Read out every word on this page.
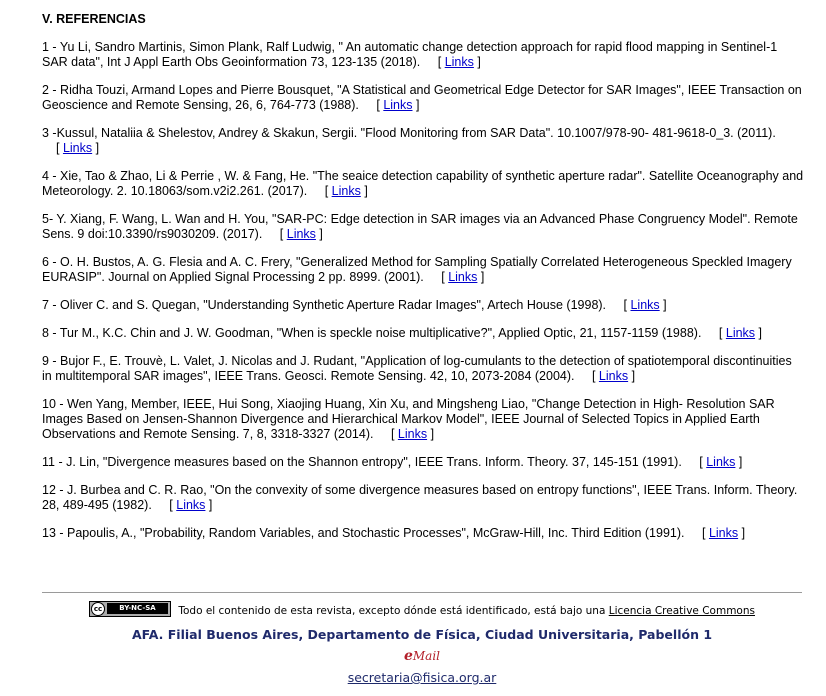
V. REFERENCIAS
1 - Yu Li, Sandro Martinis, Simon Plank, Ralf Ludwig, " An automatic change detection approach for rapid flood mapping in Sentinel-1 SAR data", Int J Appl Earth Obs Geoinformation 73, 123-135 (2018). [ Links ]
2 - Ridha Touzi, Armand Lopes and Pierre Bousquet, "A Statistical and Geometrical Edge Detector for SAR Images", IEEE Transaction on Geoscience and Remote Sensing, 26, 6, 764-773 (1988). [ Links ]
3 -Kussul, Nataliia & Shelestov, Andrey & Skakun, Sergii. "Flood Monitoring from SAR Data". 10.1007/978-90- 481-9618-0_3. (2011). [ Links ]
4 - Xie, Tao & Zhao, Li & Perrie , W. & Fang, He. "The seaice detection capability of synthetic aperture radar". Satellite Oceanography and Meteorology. 2. 10.18063/som.v2i2.261. (2017). [ Links ]
5- Y. Xiang, F. Wang, L. Wan and H. You, "SAR-PC: Edge detection in SAR images via an Advanced Phase Congruency Model". Remote Sens. 9 doi:10.3390/rs9030209. (2017). [ Links ]
6 - O. H. Bustos, A. G. Flesia and A. C. Frery, "Generalized Method for Sampling Spatially Correlated Heterogeneous Speckled Imagery EURASIP". Journal on Applied Signal Processing 2 pp. 8999. (2001). [ Links ]
7 - Oliver C. and S. Quegan, "Understanding Synthetic Aperture Radar Images", Artech House (1998). [ Links ]
8 - Tur M., K.C. Chin and J. W. Goodman, "When is speckle noise multiplicative?", Applied Optic, 21, 1157-1159 (1988). [ Links ]
9 - Bujor F., E. Trouvè, L. Valet, J. Nicolas and J. Rudant, "Application of log-cumulants to the detection of spatiotemporal discontinuities in multitemporal SAR images", IEEE Trans. Geosci. Remote Sensing. 42, 10, 2073-2084 (2004). [ Links ]
10 - Wen Yang, Member, IEEE, Hui Song, Xiaojing Huang, Xin Xu, and Mingsheng Liao, "Change Detection in High- Resolution SAR Images Based on Jensen-Shannon Divergence and Hierarchical Markov Model", IEEE Journal of Selected Topics in Applied Earth Observations and Remote Sensing. 7, 8, 3318-3327 (2014). [ Links ]
11 - J. Lin, "Divergence measures based on the Shannon entropy", IEEE Trans. Inform. Theory. 37, 145-151 (1991). [ Links ]
12 - J. Burbea and C. R. Rao, "On the convexity of some divergence measures based on entropy functions", IEEE Trans. Inform. Theory. 28, 489-495 (1982). [ Links ]
13 - Papoulis, A., "Probability, Random Variables, and Stochastic Processes", McGraw-Hill, Inc. Third Edition (1991). [ Links ]
cc	BY-NC-SA	Todo el contenido de esta revista, excepto dónde está identificado, está bajo una Licencia Creative Commons
AFA. Filial Buenos Aires, Departamento de Física, Ciudad Universitaria, Pabellón 1
eMail
secretaria@fisica.org.ar
